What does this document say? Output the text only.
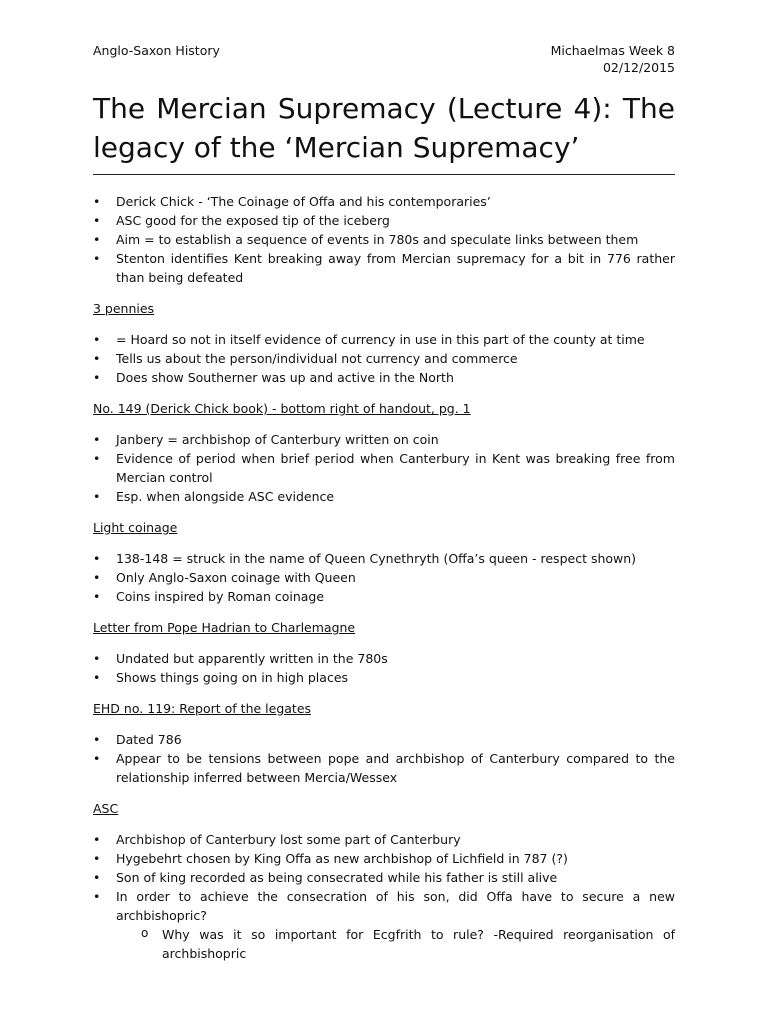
Anglo-Saxon History	Michaelmas Week 8
02/12/2015
The Mercian Supremacy (Lecture 4): The legacy of the ‘Mercian Supremacy’
• Derick Chick - ‘The Coinage of Offa and his contemporaries’
• ASC good for the exposed tip of the iceberg
• Aim = to establish a sequence of events in 780s and speculate links between them
• Stenton identifies Kent breaking away from Mercian supremacy for a bit in 776 rather than being defeated
3 pennies
• = Hoard so not in itself evidence of currency in use in this part of the county at time
• Tells us about the person/individual not currency and commerce
• Does show Southerner was up and active in the North
No. 149 (Derick Chick book) - bottom right of handout, pg. 1
• Janbery = archbishop of Canterbury written on coin
• Evidence of period when brief period when Canterbury in Kent was breaking free from Mercian control
• Esp. when alongside ASC evidence
Light coinage
• 138-148 = struck in the name of Queen Cynethryth (Offa’s queen - respect shown)
• Only Anglo-Saxon coinage with Queen
• Coins inspired by Roman coinage
Letter from Pope Hadrian to Charlemagne
• Undated but apparently written in the 780s
• Shows things going on in high places
EHD no. 119: Report of the legates
• Dated 786
• Appear to be tensions between pope and archbishop of Canterbury compared to the relationship inferred between Mercia/Wessex
ASC
• Archbishop of Canterbury lost some part of Canterbury
• Hygebehrt chosen by King Offa as new archbishop of Lichfield in 787 (?)
• Son of king recorded as being consecrated while his father is still alive
• In order to achieve the consecration of his son, did Offa have to secure a new archbishopric?
o Why was it so important for Ecgfrith to rule? -Required reorganisation of archbishopric
